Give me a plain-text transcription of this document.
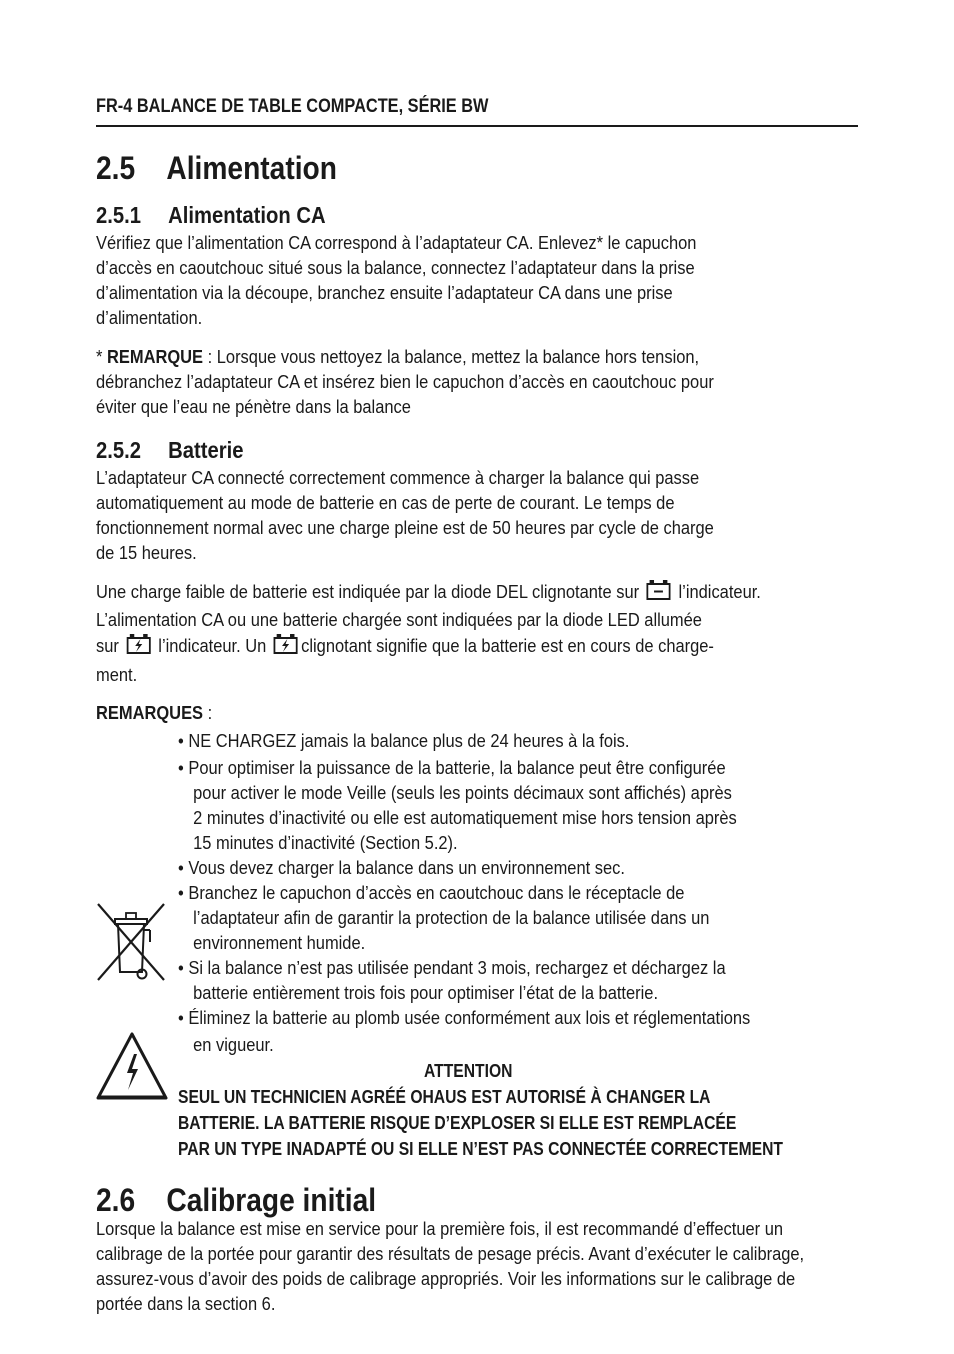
FR-4 BALANCE DE TABLE COMPACTE, SÉRIE BW
2.5 Alimentation
2.5.1 Alimentation CA

Vérifiez que l’alimentation CA correspond à l’adaptateur CA. Enlevez* le capuchon

d’accès en caoutchouc situé sous la balance, connectez l’adaptateur dans la prise

d’alimentation via la découpe, branchez ensuite l’adaptateur CA dans une prise

d’alimentation.

* REMARQUE : Lorsque vous nettoyez la balance, mettez la balance hors tension,

débranchez l’adaptateur CA et insérez bien le capuchon d’accès en caoutchouc pour

éviter que l’eau ne pénètre dans la balance

2.5.2 Batterie

L’adaptateur CA connecté correctement commence à charger la balance qui passe

automatiquement au mode de batterie en cas de perte de courant. Le temps de

fonctionnement normal avec une charge pleine est de 50 heures par cycle de charge

de 15 heures.

Une charge faible de batterie est indiquée par la diode DEL clignotante sur  l’indicateur.

L’alimentation CA ou une batterie chargée sont indiquées par la diode LED allumée

sur  l’indicateur. Un clignotant signifie que la batterie est en cours de charge-

ment.

REMARQUES :

• NE CHARGEZ jamais la balance plus de 24 heures à la fois.
• Pour optimiser la puissance de la batterie, la balance peut être configurée
pour activer le mode Veille (seuls les points décimaux sont affichés) après
2 minutes d’inactivité ou elle est automatiquement mise hors tension après
15 minutes d’inactivité (Section 5.2).
• Vous devez charger la balance dans un environnement sec.
• Branchez le capuchon d’accès en caoutchouc dans le réceptacle de
l’adaptateur afin de garantir la protection de la balance utilisée dans un
environnement humide.
• Si la balance n’est pas utilisée pendant 3 mois, rechargez et déchargez la
batterie entièrement trois fois pour optimiser l’état de la batterie.
• Éliminez la batterie au plomb usée conformément aux lois et réglementations
en vigueur.
ATTENTION
SEUL UN TECHNICIEN AGRÉÉ OHAUS EST AUTORISÉ À CHANGER LA
BATTERIE. LA BATTERIE RISQUE D’EXPLOSER SI ELLE EST REMPLACÉE
PAR UN TYPE INADAPTÉ OU SI ELLE N’EST PAS CONNECTÉE CORRECTEMENT
2.6 Calibrage initial

Lorsque la balance est mise en service pour la première fois, il est recommandé d’effectuer un

calibrage de la portée pour garantir des résultats de pesage précis. Avant d’exécuter le calibrage,

assurez-vous d’avoir des poids de calibrage appropriés. Voir les informations sur le calibrage de

portée dans la section 6.
